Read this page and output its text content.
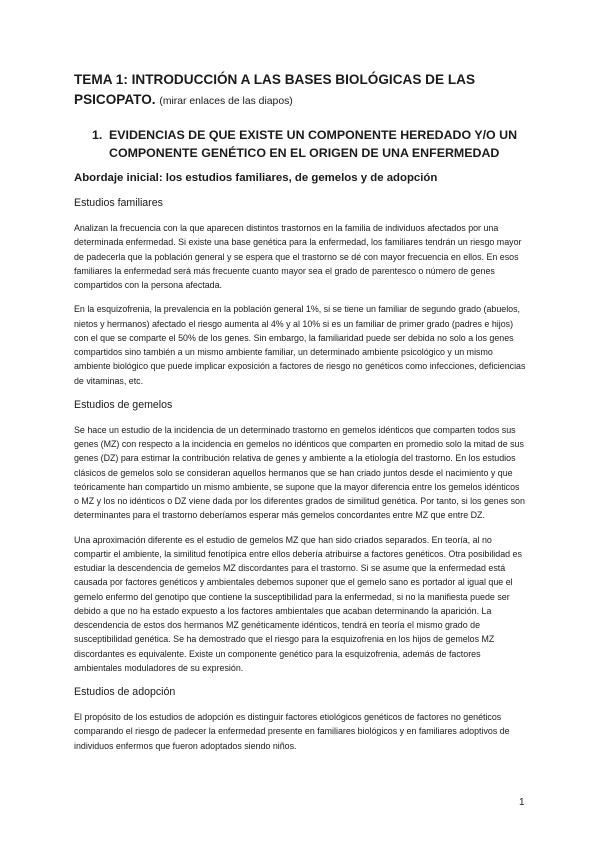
TEMA 1: INTRODUCCIÓN A LAS BASES BIOLÓGICAS DE LAS PSICOPATO. (mirar enlaces de las diapos)
1. EVIDENCIAS DE QUE EXISTE UN COMPONENTE HEREDADO Y/O UN COMPONENTE GENÉTICO EN EL ORIGEN DE UNA ENFERMEDAD
Abordaje inicial: los estudios familiares, de gemelos y de adopción
Estudios familiares

Analizan la frecuencia con la que aparecen distintos trastornos en la familia de individuos afectados por una determinada enfermedad. Si existe una base genética para la enfermedad, los familiares tendrán un riesgo mayor de padecerla que la población general y se espera que el trastorno se dé con mayor frecuencia en ellos. En esos familiares la enfermedad será más frecuente cuanto mayor sea el grado de parentesco o número de genes compartidos con la persona afectada.

En la esquizofrenia, la prevalencia en la población general 1%, si se tiene un familiar de segundo grado (abuelos, nietos y hermanos) afectado el riesgo aumenta al 4% y al 10% si es un familiar de primer grado (padres e hijos) con el que se comparte el 50% de los genes. Sin embargo, la familiaridad puede ser debida no solo a los genes compartidos sino también a un mismo ambiente familiar, un determinado ambiente psicológico y un mismo ambiente biológico que puede implicar exposición a factores de riesgo no genéticos como infecciones, deficiencias de vitaminas, etc.

Estudios de gemelos

Se hace un estudio de la incidencia de un determinado trastorno en gemelos idénticos que comparten todos sus genes (MZ) con respecto a la incidencia en gemelos no idénticos que comparten en promedio solo la mitad de sus genes (DZ) para estimar la contribución relativa de genes y ambiente a la etiología del trastorno. En los estudios clásicos de gemelos solo se consideran aquellos hermanos que se han criado juntos desde el nacimiento y que teóricamente han compartido un mismo ambiente, se supone que la mayor diferencia entre los gemelos idénticos o MZ y los no idénticos o DZ viene dada por los diferentes grados de similitud genética. Por tanto, si los genes son determinantes para el trastorno deberíamos esperar más gemelos concordantes entre MZ que entre DZ.

Una aproximación diferente es el estudio de gemelos MZ que han sido criados separados. En teoría, al no compartir el ambiente, la similitud fenotípica entre ellos debería atribuirse a factores genéticos. Otra posibilidad es estudiar la descendencia de gemelos MZ discordantes para el trastorno. Si se asume que la enfermedad está causada por factores genéticos y ambientales debemos suponer que el gemelo sano es portador al igual que el gemelo enfermo del genotipo que contiene la susceptibilidad para la enfermedad, si no la manifiesta puede ser debido a que no ha estado expuesto a los factores ambientales que acaban determinando la aparición. La descendencia de estos dos hermanos MZ genéticamente idénticos, tendrá en teoría el mismo grado de susceptibilidad genética. Se ha demostrado que el riesgo para la esquizofrenia en los hijos de gemelos MZ discordantes es equivalente. Existe un componente genético para la esquizofrenia, además de factores ambientales moduladores de su expresión.

Estudios de adopción

El propósito de los estudios de adopción es distinguir factores etiológicos genéticos de factores no genéticos comparando el riesgo de padecer la enfermedad presente en familiares biológicos y en familiares adoptivos de individuos enfermos que fueron adoptados siendo niños.

1
